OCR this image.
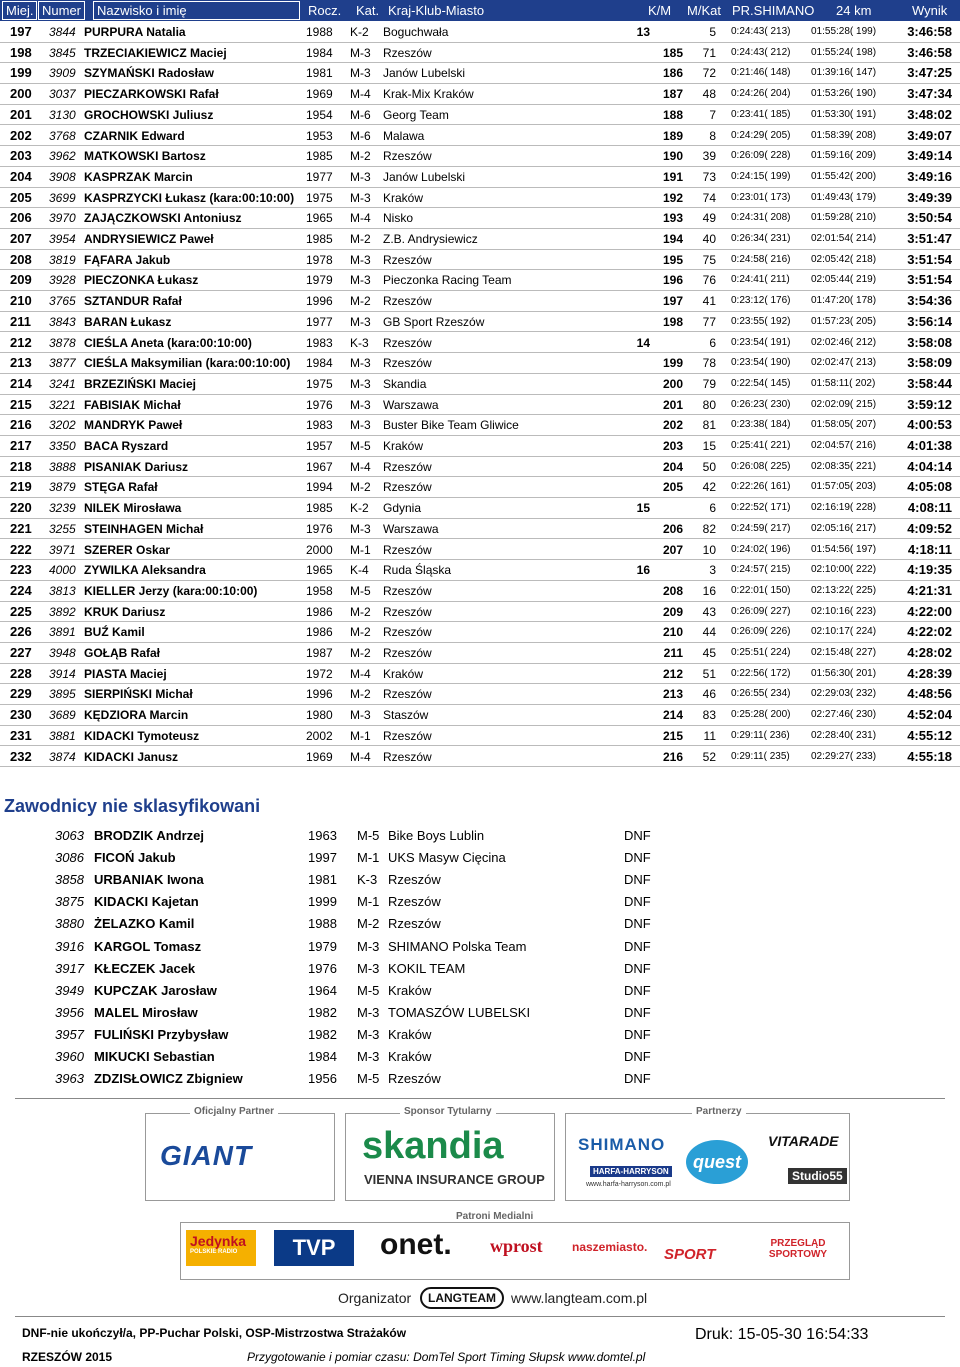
Miej. Numer	Nazwisko i imię	Rocz. Kat. Kraj-Klub-Miasto	K/M M/Kat PR.SHIMANO 24 km	Wynik
197 3844 PURPURA Natalia	1988 K-2 Boguchwała	13	5 0:24:43( 213) 01:55:28( 199) 3:46:58
198 3845 TRZECIAKIEWICZ Maciej	1984 M-3 Rzeszów	185	71 0:24:43( 212) 01:55:24( 198) 3:46:58
199 3909 SZYMAŃSKI Radosław	1981 M-3 Janów Lubelski	186	72 0:21:46( 148) 01:39:16( 147) 3:47:25
200 3037 PIECZARKOWSKI Rafał	1969 M-4 Krak-Mix Kraków	187	48 0:24:26( 204) 01:53:26( 190) 3:47:34
201 3130 GROCHOWSKI Juliusz	1954 M-6 Georg Team	188	7 0:23:41( 185) 01:53:30( 191) 3:48:02
202 3768 CZARNIK Edward	1953 M-6 Malawa	189	8 0:24:29( 205) 01:58:39( 208) 3:49:07
203 3962 MATKOWSKI Bartosz	1985 M-2 Rzeszów	190	39 0:26:09( 228) 01:59:16( 209) 3:49:14
204 3908 KASPRZAK Marcin	1977 M-3 Janów Lubelski	191	73 0:24:15( 199) 01:55:42( 200) 3:49:16
205 3699 KASPRZYCKI Łukasz (kara:00:10:00) 1975 M-3 Kraków	192	74 0:23:01( 173) 01:49:43( 179) 3:49:39
206 3970 ZAJĄCZKOWSKI Antoniusz	1965 M-4 Nisko	193	49 0:24:31( 208) 01:59:28( 210) 3:50:54
207 3954 ANDRYSIEWICZ Paweł	1985 M-2 Z.B. Andrysiewicz	194	40 0:26:34( 231) 02:01:54( 214) 3:51:47
208 3819 FĄFARA Jakub	1978 M-3 Rzeszów	195	75 0:24:58( 216) 02:05:42( 218) 3:51:54
209 3928 PIECZONKA Łukasz	1979 M-3 Pieczonka Racing Team	196	76 0:24:41( 211) 02:05:44( 219) 3:51:54
210 3765 SZTANDUR Rafał	1996 M-2 Rzeszów	197	41 0:23:12( 176) 01:47:20( 178) 3:54:36
211 3843 BARAN Łukasz	1977 M-3 GB Sport Rzeszów	198	77 0:23:55( 192) 01:57:23( 205) 3:56:14
212 3878 CIEŚLA Aneta (kara:00:10:00)	1983 K-3 Rzeszów	14	6 0:23:54( 191) 02:02:46( 212) 3:58:08
213 3877 CIEŚLA Maksymilian (kara:00:10:00) 1984 M-3 Rzeszów	199	78 0:23:54( 190) 02:02:47( 213) 3:58:09
214 3241 BRZEZIŃSKI Maciej	1975 M-3 Skandia	200	79 0:22:54( 145) 01:58:11( 202) 3:58:44
215 3221 FABISIAK Michał	1976 M-3 Warszawa	201	80 0:26:23( 230) 02:02:09( 215) 3:59:12
216 3202 MANDRYK Paweł	1983 M-3 Buster Bike Team Gliwice	202	81 0:23:38( 184) 01:58:05( 207) 4:00:53
217 3350 BACA Ryszard	1957 M-5 Kraków	203	15 0:25:41( 221) 02:04:57( 216) 4:01:38
218 3888 PISANIAK Dariusz	1967 M-4 Rzeszów	204	50 0:26:08( 225) 02:08:35( 221) 4:04:14
219 3879 STĘGA Rafał	1994 M-2 Rzeszów	205	42 0:22:26( 161) 01:57:05( 203) 4:05:08
220 3239 NILEK Mirosława	1985 K-2 Gdynia	15	6 0:22:52( 171) 02:16:19( 228) 4:08:11
221 3255 STEINHAGEN Michał	1976 M-3 Warszawa	206	82 0:24:59( 217) 02:05:16( 217) 4:09:52
222 3971 SZERER Oskar	2000 M-1 Rzeszów	207	10 0:24:02( 196) 01:54:56( 197) 4:18:11
223 4000 ZYWILKA Aleksandra	1965 K-4 Ruda Śląska	16	3 0:24:57( 215) 02:10:00( 222) 4:19:35
224 3813 KIELLER Jerzy (kara:00:10:00)	1958 M-5 Rzeszów	208	16 0:22:01( 150) 02:13:22( 225) 4:21:31
225 3892 KRUK Dariusz	1986 M-2 Rzeszów	209	43 0:26:09( 227) 02:10:16( 223) 4:22:00
226 3891 BUŹ Kamil	1986 M-2 Rzeszów	210	44 0:26:09( 226) 02:10:17( 224) 4:22:02
227 3948 GOŁĄB Rafał	1987 M-2 Rzeszów	211	45 0:25:51( 224) 02:15:48( 227) 4:28:02
228 3914 PIASTA Maciej	1972 M-4 Kraków	212	51 0:22:56( 172) 01:56:30( 201) 4:28:39
229 3895 SIERPIŃSKI Michał	1996 M-2 Rzeszów	213	46 0:26:55( 234) 02:29:03( 232) 4:48:56
230 3689 KĘDZIORA Marcin	1980 M-3 Staszów	214	83 0:25:28( 200) 02:27:46( 230) 4:52:04
231 3881 KIDACKI Tymoteusz	2002 M-1 Rzeszów	215	11 0:29:11( 236) 02:28:40( 231) 4:55:12
232 3874 KIDACKI Janusz	1969 M-4 Rzeszów	216	52 0:29:11( 235) 02:29:27( 233) 4:55:18
Zawodnicy nie sklasyfikowani
3063 BRODZIK Andrzej	1963 M-5 Bike Boys Lublin	DNF
3086 FICOŃ Jakub	1997 M-1 UKS Masyw Cięcina	DNF
3858 URBANIAK Iwona	1981 K-3 Rzeszów	DNF
3875 KIDACKI Kajetan	1999 M-1 Rzeszów	DNF
3880 ŻELAZKO Kamil	1988 M-2 Rzeszów	DNF
3916 KARGOL Tomasz	1979 M-3 SHIMANO Polska Team	DNF
3917 KŁECZEK Jacek	1976 M-3 KOKIL TEAM	DNF
3949 KUPCZAK Jarosław	1964 M-5 Kraków	DNF
3956 MALEL Mirosław	1982 M-3 TOMASZÓW LUBELSKI	DNF
3957 FULIŃSKI Przybysław	1982 M-3 Kraków	DNF
3960 MIKUCKI Sebastian	1984 M-3 Kraków	DNF
3963 ZDZISŁOWICZ Zbigniew	1956 M-5 Rzeszów	DNF
Oficjalny Partner
GIANT
Sponsor Tytularny
skandia
VIENNA INSURANCE GROUP
Partnerzy
SHIMANO
HARFA-HARRYSON
www.harfa-harryson.com.pl
quest
VITARADE
Studio55
Patroni Medialni
Jedynka
POLSKIE RADIO	TVP	onet. wprost naszemiasto. SPORT
PRZEGLĄD SPORTOWY
Organizator	LANGTEAM	www.langteam.com.pl
DNF-nie ukończył/a, PP-Puchar Polski, OSP-Mistrzostwa Strażaków	Druk: 15-05-30 16:54:33
RZESZÓW 2015	Przygotowanie i pomiar czasu: DomTel Sport Timing Słupsk www.domtel.pl
